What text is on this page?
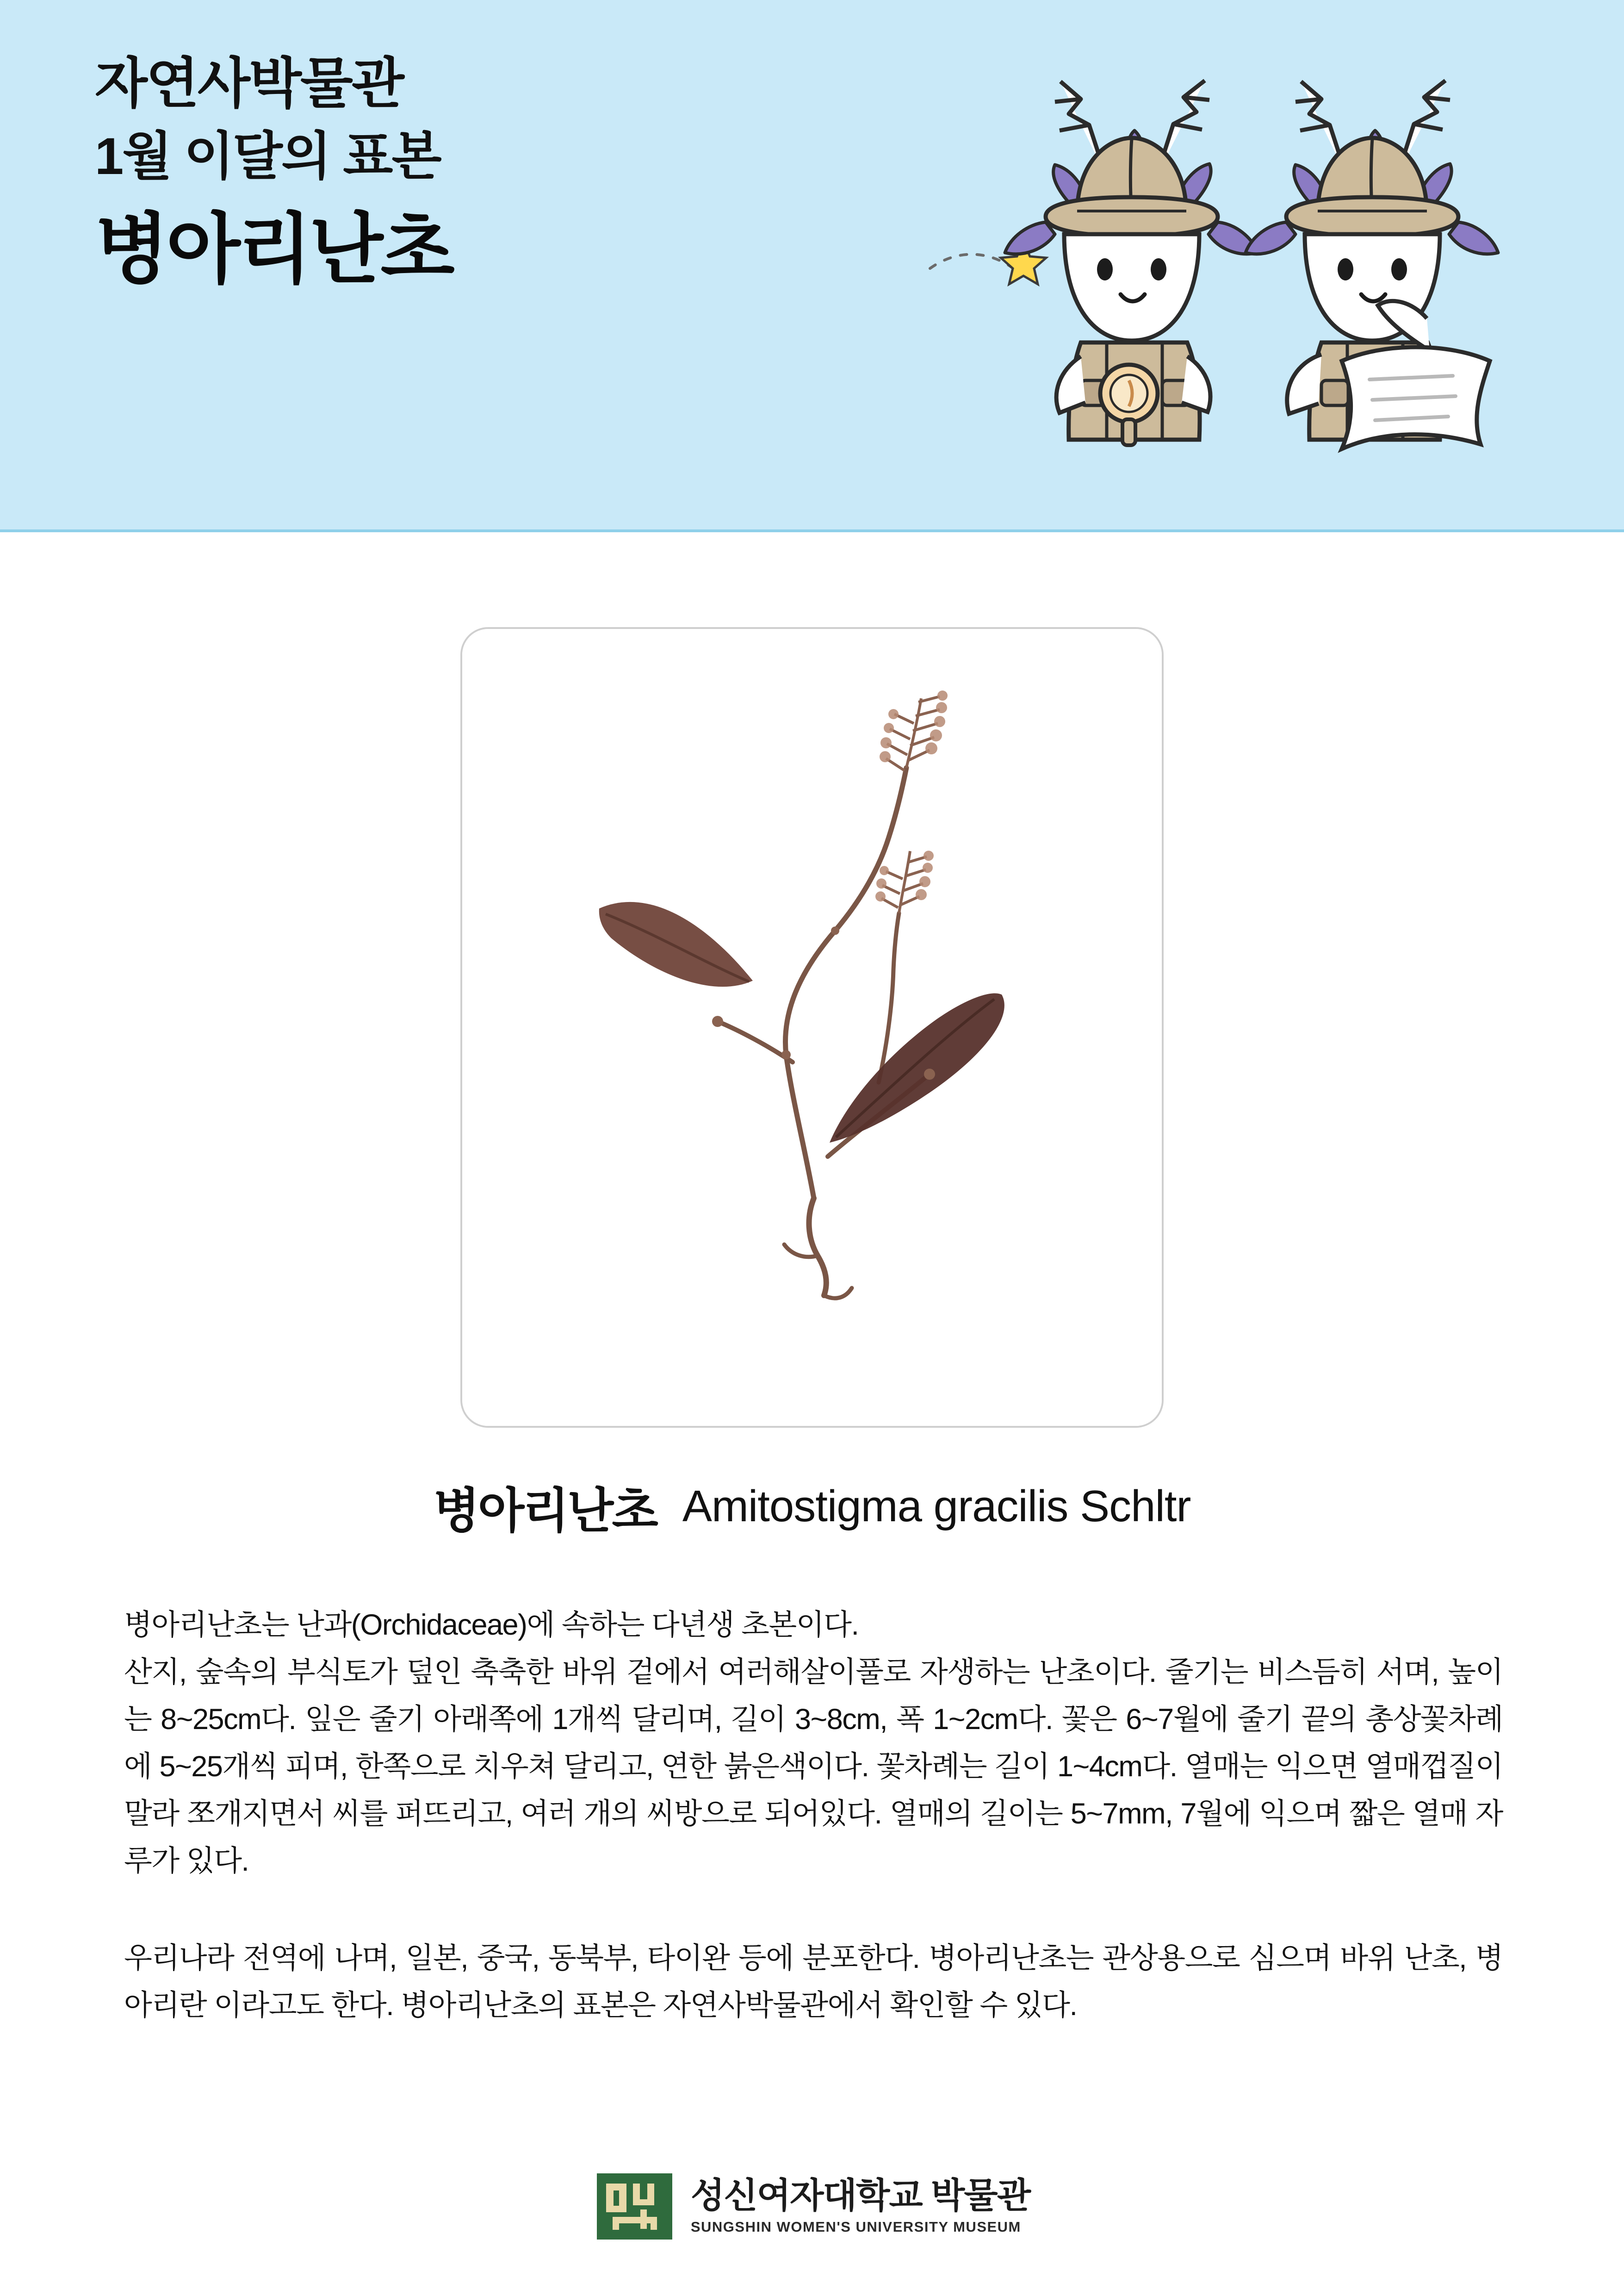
자연사박물관
1월 이달의 표본
병아리난초
병아리난초 Amitostigma gracilis Schltr

병아리난초는 난과(Orchidaceae)에 속하는 다년생 초본이다.

산지, 숲속의 부식토가 덮인 축축한 바위 겉에서 여러해살이풀로 자생하는 난초이다. 줄기는 비스듬히 서며, 높이는 8~25cm다. 잎은 줄기 아래쪽에 1개씩 달리며, 길이 3~8cm, 폭 1~2cm다. 꽃은 6~7월에 줄기 끝의 총상꽃차례에 5~25개씩 피며, 한쪽으로 치우쳐 달리고, 연한 붉은색이다. 꽃차례는 길이 1~4cm다. 열매는 익으면 열매껍질이 말라 쪼개지면서 씨를 퍼뜨리고, 여러 개의 씨방으로 되어있다. 열매의 길이는 5~7mm, 7월에 익으며 짧은 열매 자루가 있다.

우리나라 전역에 나며, 일본, 중국, 동북부, 타이완 등에 분포한다. 병아리난초는 관상용으로 심으며 바위 난초, 병아리란 이라고도 한다. 병아리난초의 표본은 자연사박물관에서 확인할 수 있다.

성신여자대학교 박물관
SUNGSHIN WOMEN'S UNIVERSITY MUSEUM
